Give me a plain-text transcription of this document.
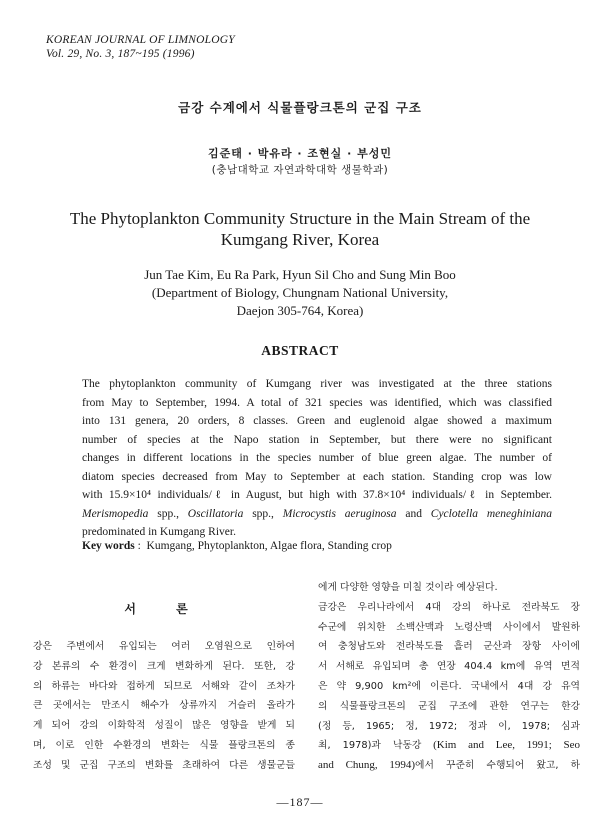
KOREAN JOURNAL OF LIMNOLOGY
Vol. 29, No. 3, 187~195 (1996)
금강 수계에서 식물플랑크톤의 군집 구조
김준태 · 박유라 · 조현실 · 부성민
(충남대학교 자연과학대학 생물학과)
The Phytoplankton Community Structure in the Main Stream of the
Kumgang River, Korea
Jun Tae Kim, Eu Ra Park, Hyun Sil Cho and Sung Min Boo
(Department of Biology, Chungnam National University,
Daejon 305-764, Korea)
ABSTRACT
The phytoplankton community of Kumgang river was investigated at the three stations
from May to September, 1994. A total of 321 species was identified, which was classified
into 131 genera, 20 orders, 8 classes. Green and euglenoid algae showed a maximum
number of species at the Napo station in September, but there were no significant
changes in different locations in the species number of blue green algae. The number of
diatom species decreased from May to September at each station. Standing crop was low
with 15.9×10⁴ individuals/ℓ in August, but high with 37.8×10⁴ individuals/ℓ in September.
Merismopedia spp., Oscillatoria spp., Microcystis aeruginosa and Cyclotella meneghiniana
predominated in Kumgang River.
Key words :  Kumgang, Phytoplankton, Algae flora, Standing crop
서 론
강은 주변에서 유입되는 여러 오염원으로 인하여
강 본류의 수 환경이 크게 변화하게 된다. 또한, 강
의 하류는 바다와 접하게 되므로 서해와 같이 조차가
큰 곳에서는 만조시 해수가 상류까지 거슬러 올라가
게 되어 강의 이화학적 성질이 많은 영향을 받게 되
며, 이로 인한 수환경의 변화는 식물 플랑크톤의 종
조성 및 군집 구조의 변화를 초래하여 다른 생물군들
에게 다양한 영향을 미칠 것이라 예상된다.
금강은 우리나라에서 4대 강의 하나로 전라북도 장
수군에 위치한 소백산맥과 노령산맥 사이에서 발원하
여 충청남도와 전라북도를 흘러 군산과 장항 사이에
서 서해로 유입되며 총 연장 404.4 km에 유역 면적
은 약 9,900 km²에 이른다. 국내에서 4대 강 유역
의 식물플랑크톤의 군집 구조에 관한 연구는 한강
(정 등, 1965; 정, 1972; 정과 이, 1978; 심과
최, 1978)과 낙동강 (Kim and Lee, 1991; Seo
and Chung, 1994)에서 꾸준히 수행되어 왔고, 하
—187—
